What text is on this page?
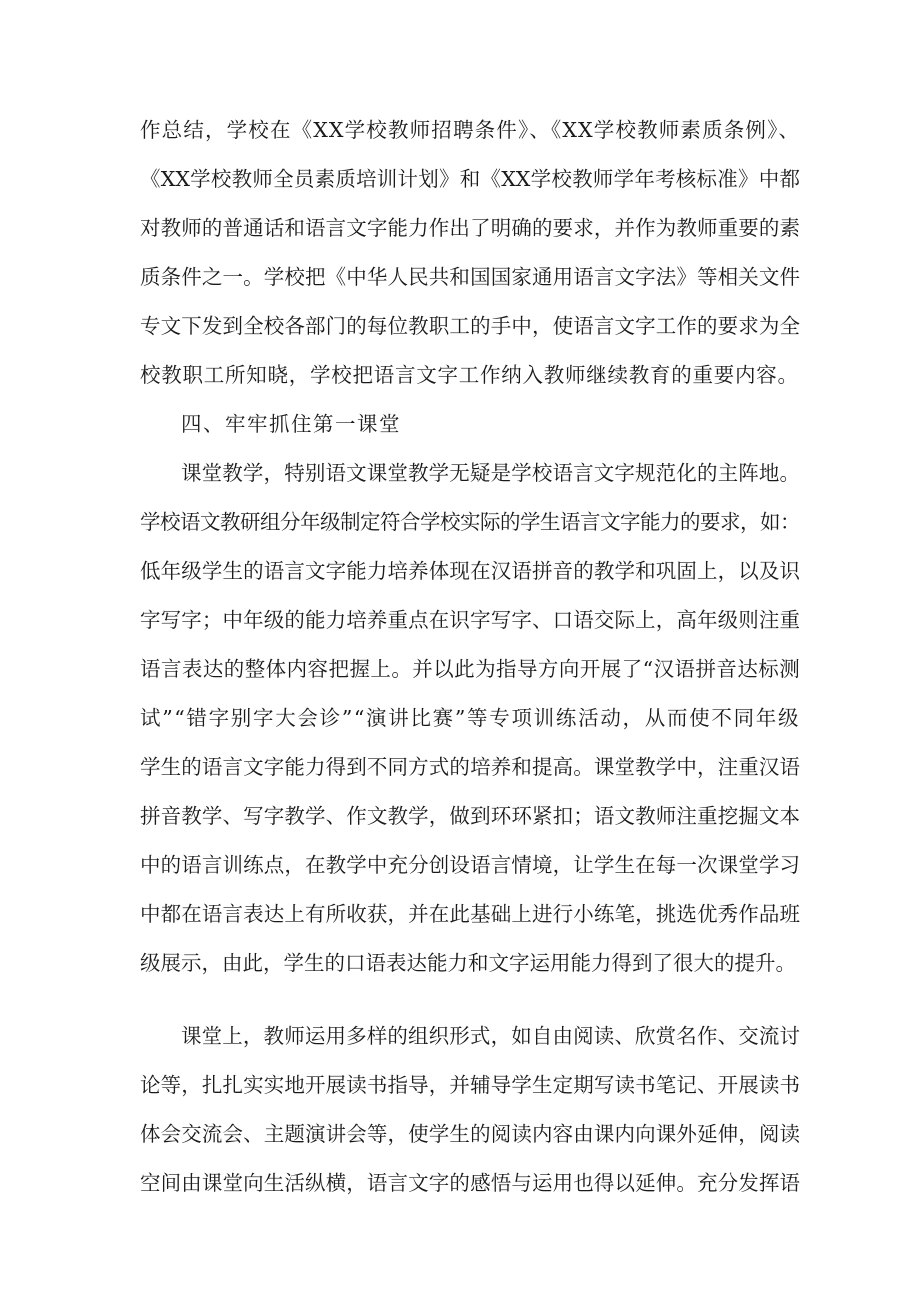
作总结，学校在《XX学校教师招聘条件》、《XX学校教师素质条例》、
《XX学校教师全员素质培训计划》和《XX学校教师学年考核标准》中都
对教师的普通话和语言文字能力作出了明确的要求，并作为教师重要的素
质条件之一。学校把《中华人民共和国国家通用语言文字法》等相关文件
专文下发到全校各部门的每位教职工的手中，使语言文字工作的要求为全
校教职工所知晓，学校把语言文字工作纳入教师继续教育的重要内容。
四、牢牢抓住第一课堂
课堂教学，特别语文课堂教学无疑是学校语言文字规范化的主阵地。
学校语文教研组分年级制定符合学校实际的学生语言文字能力的要求，如：
低年级学生的语言文字能力培养体现在汉语拼音的教学和巩固上，以及识
字写字；中年级的能力培养重点在识字写字、口语交际上，高年级则注重
语言表达的整体内容把握上。并以此为指导方向开展了“汉语拼音达标测
试”“错字别字大会诊”“演讲比赛”等专项训练活动，从而使不同年级
学生的语言文字能力得到不同方式的培养和提高。课堂教学中，注重汉语
拼音教学、写字教学、作文教学，做到环环紧扣；语文教师注重挖掘文本
中的语言训练点，在教学中充分创设语言情境，让学生在每一次课堂学习
中都在语言表达上有所收获，并在此基础上进行小练笔，挑选优秀作品班
级展示，由此，学生的口语表达能力和文字运用能力得到了很大的提升。
课堂上，教师运用多样的组织形式，如自由阅读、欣赏名作、交流讨
论等，扎扎实实地开展读书指导，并辅导学生定期写读书笔记、开展读书
体会交流会、主题演讲会等，使学生的阅读内容由课内向课外延伸，阅读
空间由课堂向生活纵横，语言文字的感悟与运用也得以延伸。充分发挥语
